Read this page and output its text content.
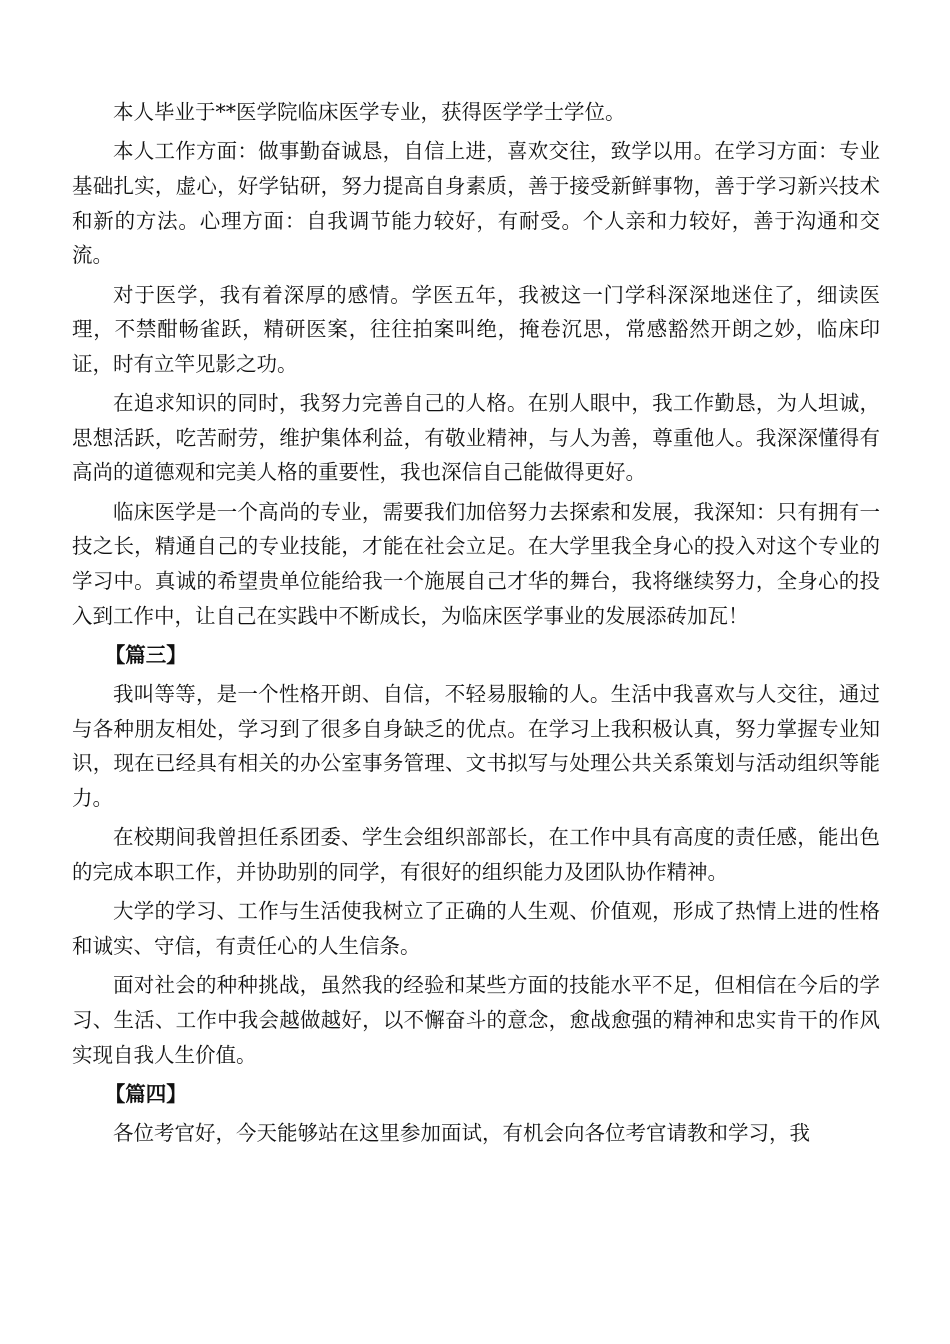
本人毕业于**医学院临床医学专业，获得医学学士学位。

本人工作方面：做事勤奋诚恳，自信上进，喜欢交往，致学以用。在学习方面：专业基础扎实，虚心，好学钻研，努力提高自身素质，善于接受新鲜事物，善于学习新兴技术和新的方法。心理方面：自我调节能力较好，有耐受。个人亲和力较好，善于沟通和交流。

对于医学，我有着深厚的感情。学医五年，我被这一门学科深深地迷住了，细读医理，不禁酣畅雀跃，精研医案，往往拍案叫绝，掩卷沉思，常感豁然开朗之妙，临床印证，时有立竿见影之功。

在追求知识的同时，我努力完善自己的人格。在别人眼中，我工作勤恳，为人坦诚，思想活跃，吃苦耐劳，维护集体利益，有敬业精神，与人为善，尊重他人。我深深懂得有高尚的道德观和完美人格的重要性，我也深信自己能做得更好。

临床医学是一个高尚的专业，需要我们加倍努力去探索和发展，我深知：只有拥有一技之长，精通自己的专业技能，才能在社会立足。在大学里我全身心的投入对这个专业的学习中。真诚的希望贵单位能给我一个施展自己才华的舞台，我将继续努力，全身心的投入到工作中，让自己在实践中不断成长，为临床医学事业的发展添砖加瓦！

【篇三】

我叫等等，是一个性格开朗、自信，不轻易服输的人。生活中我喜欢与人交往，通过与各种朋友相处，学习到了很多自身缺乏的优点。在学习上我积极认真，努力掌握专业知识，现在已经具有相关的办公室事务管理、文书拟写与处理公共关系策划与活动组织等能力。

在校期间我曾担任系团委、学生会组织部部长，在工作中具有高度的责任感，能出色的完成本职工作，并协助别的同学，有很好的组织能力及团队协作精神。

大学的学习、工作与生活使我树立了正确的人生观、价值观，形成了热情上进的性格和诚实、守信，有责任心的人生信条。

面对社会的种种挑战，虽然我的经验和某些方面的技能水平不足，但相信在今后的学习、生活、工作中我会越做越好，以不懈奋斗的意念，愈战愈强的精神和忠实肯干的作风实现自我人生价值。

【篇四】

各位考官好，今天能够站在这里参加面试，有机会向各位考官请教和学习，我
